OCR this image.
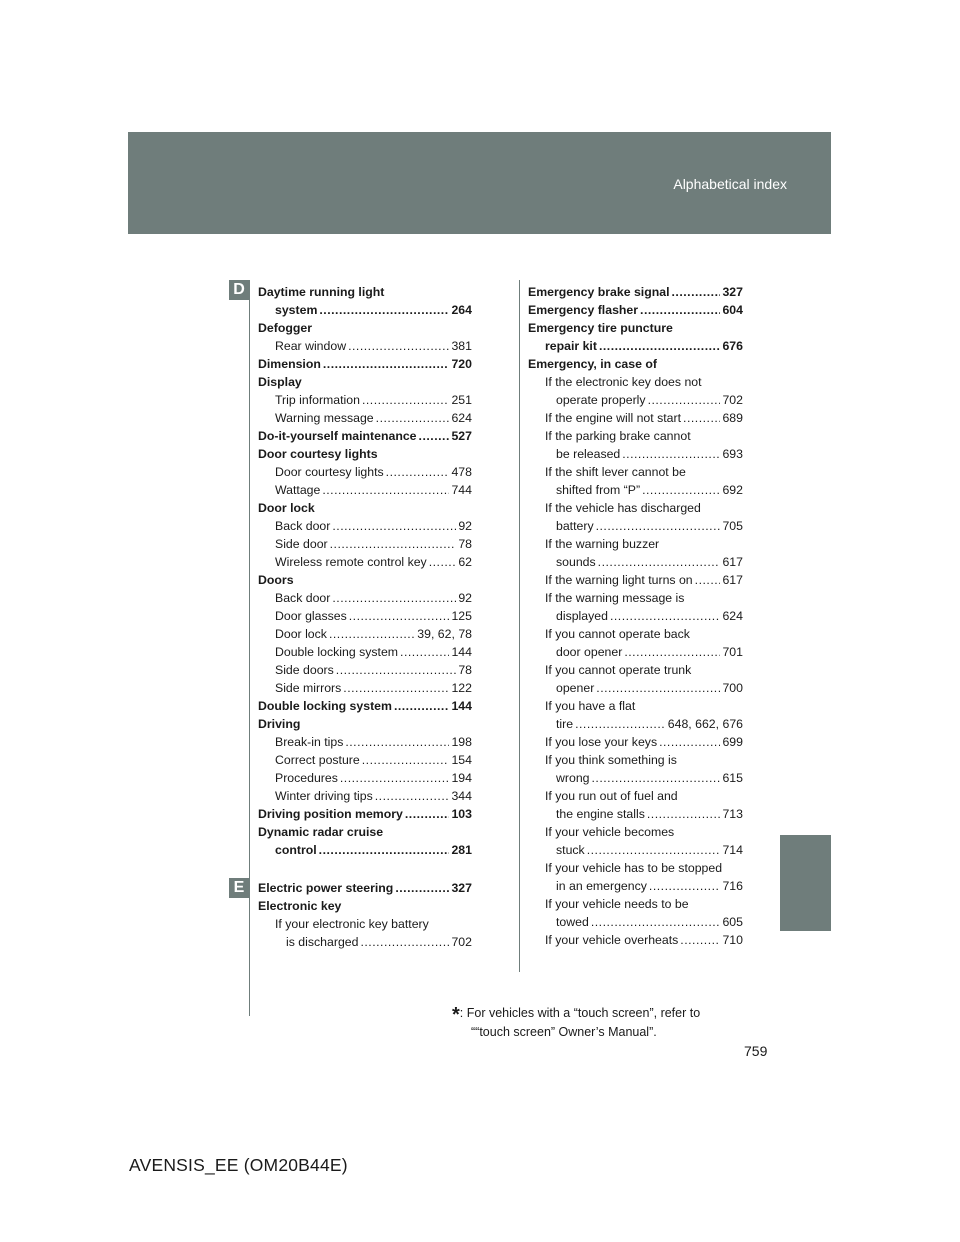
Alphabetical index
D
E
Daytime running light
system .....	264
Defogger
Rear window .....	381
Dimension .....	720
Display
Trip information .....	251
Warning message .....	624
Do-it-yourself maintenance .....	527
Door courtesy lights
Door courtesy lights .....	478
Wattage .....	744
Door lock
Back door .....	92
Side door .....	78
Wireless remote control key .....	62
Doors
Back door .....	92
Door glasses .....	125
Door lock .....	39, 62, 78
Double locking system .....	144
Side doors .....	78
Side mirrors .....	122
Double locking system .....	144
Driving
Break-in tips .....	198
Correct posture .....	154
Procedures .....	194
Winter driving tips .....	344
Driving position memory .....	103
Dynamic radar cruise
control .....	281
Electric power steering .....	327
Electronic key
If your electronic key battery
is discharged .....	702
Emergency brake signal .....	327
Emergency flasher .....	604
Emergency tire puncture
repair kit .....	676
Emergency, in case of
If the electronic key does not
operate properly .....	702
If the engine will not start .....	689
If the parking brake cannot
be released .....	693
If the shift lever cannot be
shifted from “P” .....	692
If the vehicle has discharged
battery .....	705
If the warning buzzer
sounds .....	617
If the warning light turns on ..... 617
If the warning message is
displayed .....	624
If you cannot operate back
door opener .....	701
If you cannot operate trunk
opener .....	700
If you have a flat
tire .....	648, 662, 676
If you lose your keys .....	699
If you think something is
wrong .....	615
If you run out of fuel and
the engine stalls .....	713
If your vehicle becomes
stuck .....	714
If your vehicle has to be stopped
in an emergency .....	716
If your vehicle needs to be
towed .....	605
If your vehicle overheats .....	710
*: For vehicles with a “touch screen”, refer to
““touch screen” Owner’s Manual”.
759
AVENSIS_EE (OM20B44E)
